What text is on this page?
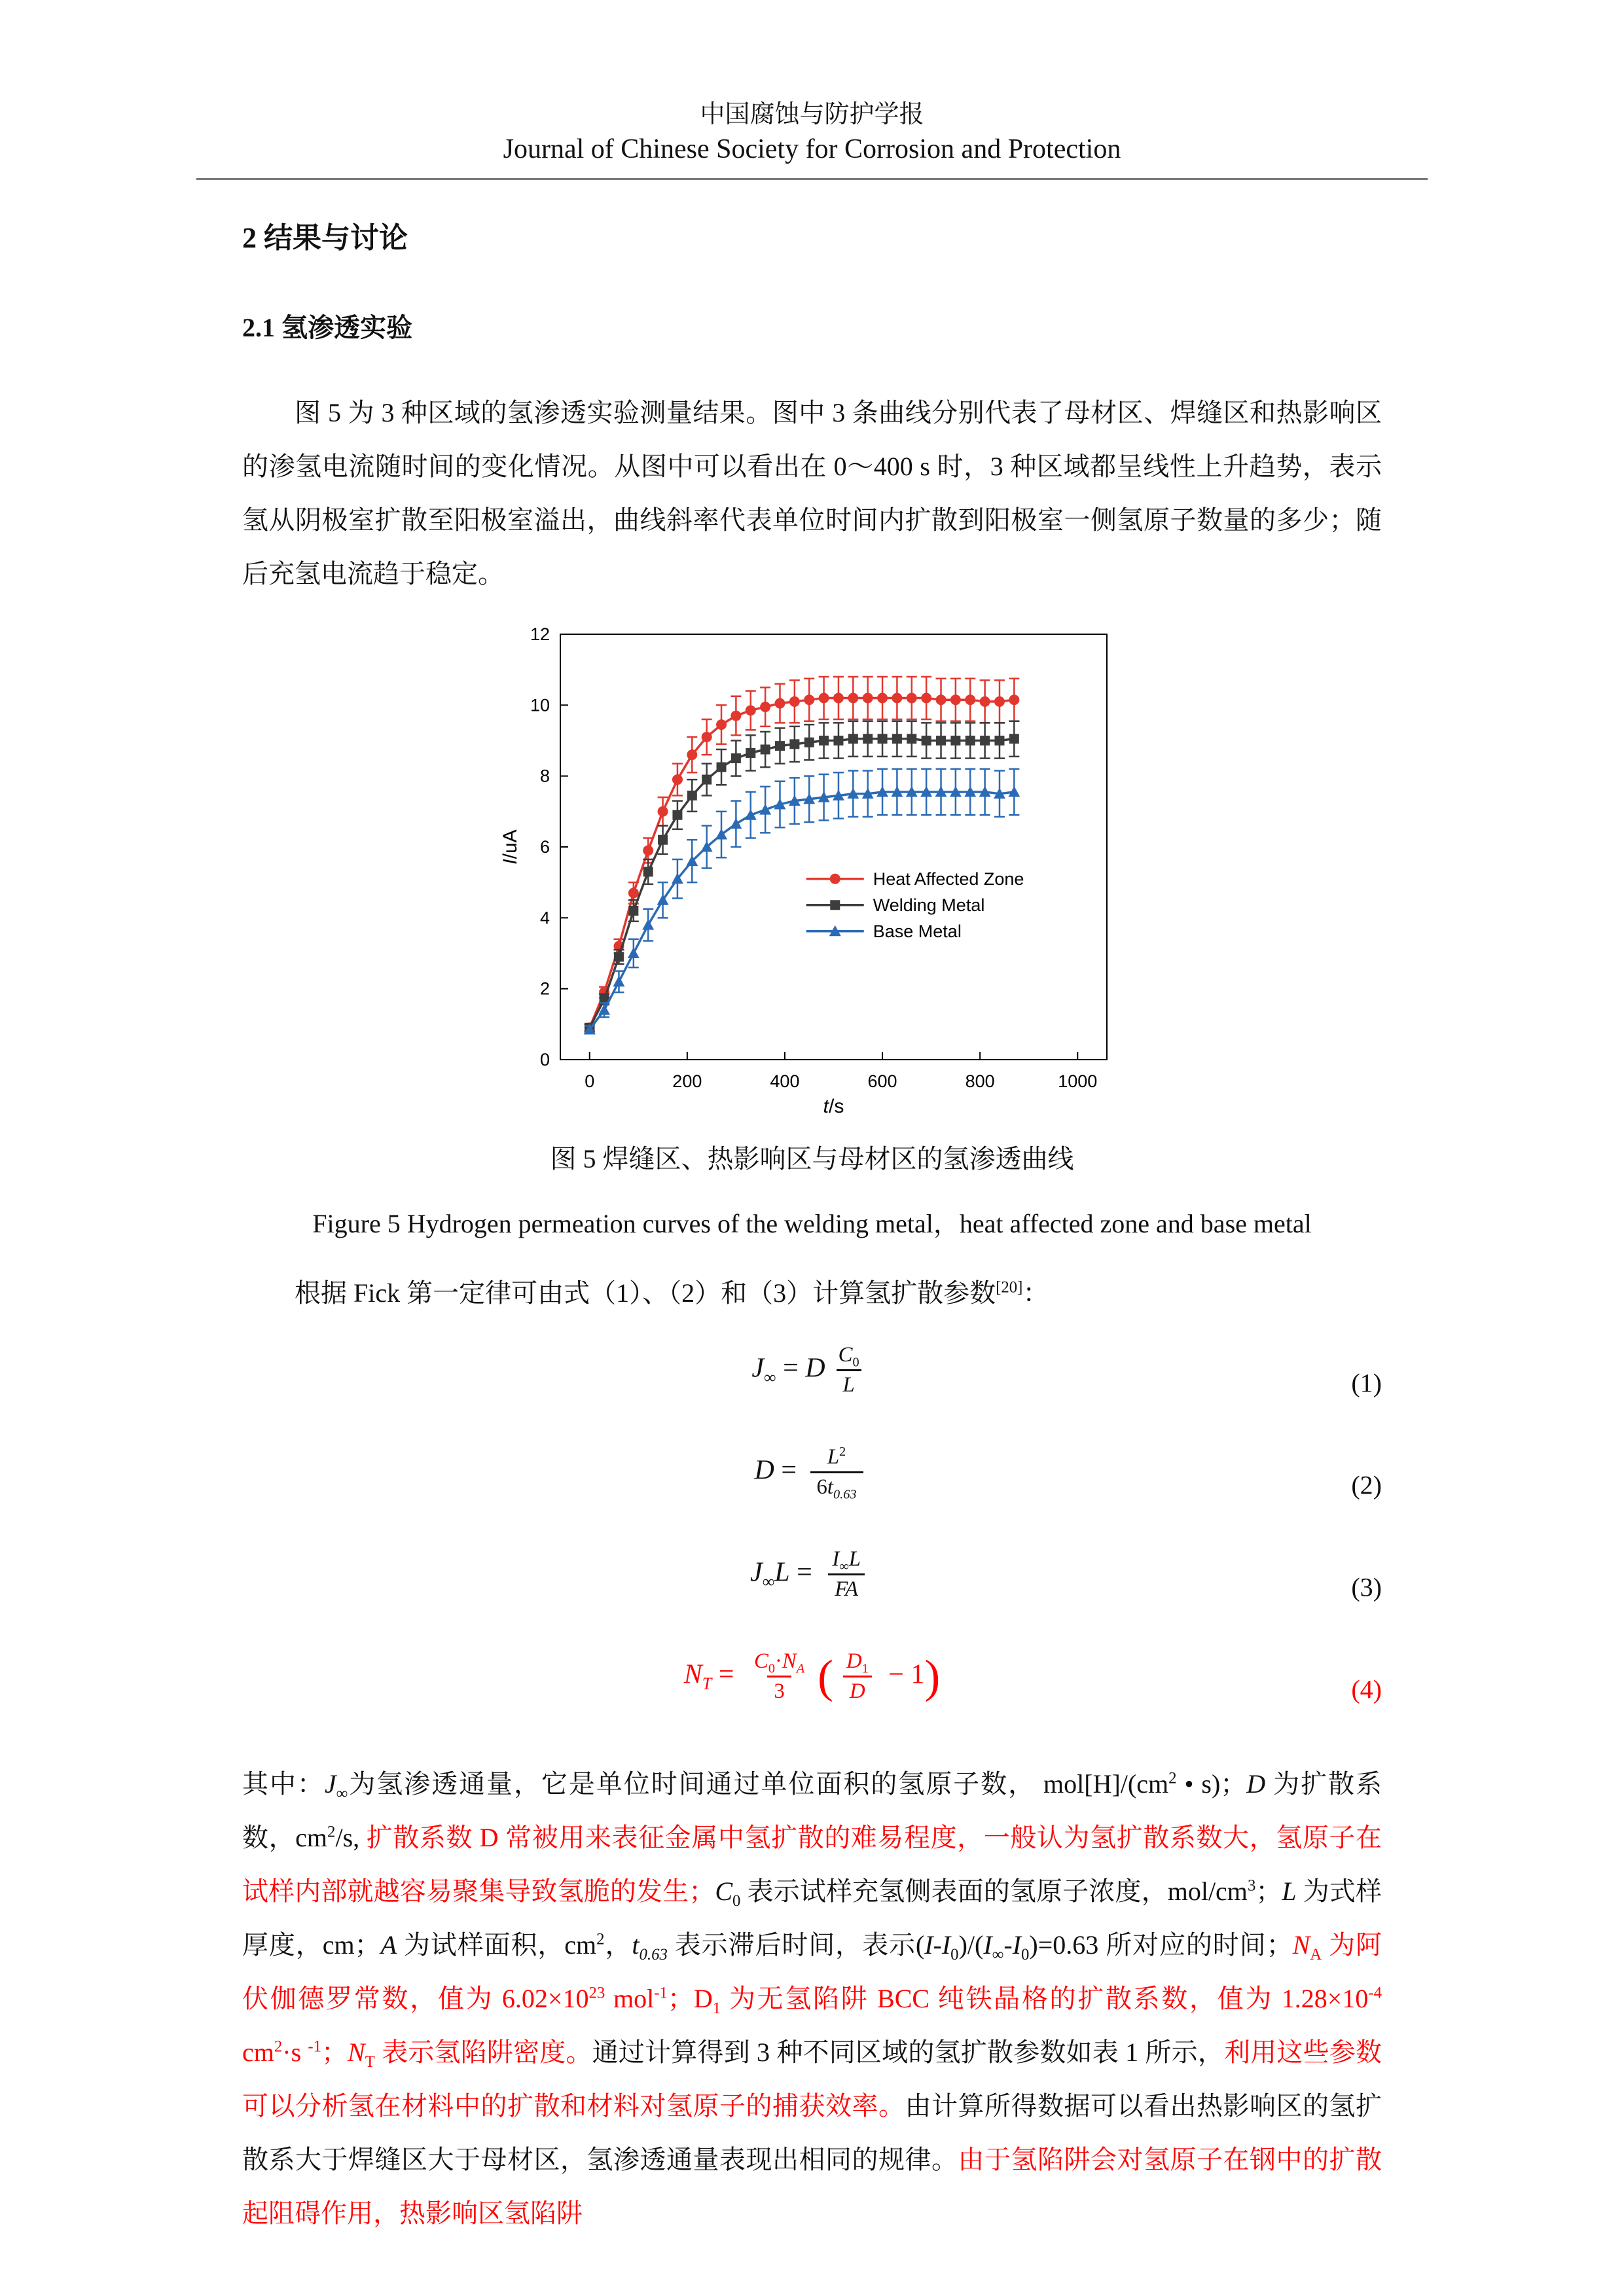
中国腐蚀与防护学报
Journal of Chinese Society for Corrosion and Protection
2 结果与讨论
2.1 氢渗透实验

图 5 为 3 种区域的氢渗透实验测量结果。图中 3 条曲线分别代表了母材区、焊缝区和热影响区的渗氢电流随时间的变化情况。从图中可以看出在 0～400 s 时，3 种区域都呈线性上升趋势，表示氢从阴极室扩散至阳极室溢出，曲线斜率代表单位时间内扩散到阳极室一侧氢原子数量的多少；随后充氢电流趋于稳定。

0
2
4
6
8
10
12
0	200	400	600	800	1000
t/s
I/uA
Heat Affected Zone
Welding Metal
Base Metal
图 5 焊缝区、热影响区与母材区的氢渗透曲线
Figure 5 Hydrogen permeation curves of the welding metal，heat affected zone and base metal

根据 Fick 第一定律可由式（1）、（2）和（3）计算氢扩散参数[20]：

$J_\infty = D \frac{C_0}{L}$	(1)
$D = \frac{L^2}{6t_{0.63}}$	(2)
$J_\infty L = \frac{I_\infty L}{FA}$	(3)
$N_T = \frac{C_0\cdot N_A}{3}$ ( $\frac{D_1}{D} - 1$)	(4)

其中：$J_\infty$为氢渗透通量，它是单位时间通过单位面积的氢原子数， $mol[H]/(cm^2$ • s)；D 为扩散系数，$cm^2/s$, 扩散系数 D 常被用来表征金属中氢扩散的难易程度，一般认为氢扩散系数大，氢原子在试样内部就越容易聚集导致氢脆的发生；$C_0$ 表示试样充氢侧表面的氢原子浓度，mol/$cm^3$；L 为式样厚度，cm；A 为试样面积，$cm^2$，$t_{0.63}$ 表示滞后时间，表示$(I-I_0)/(I_\infty-I_0)=0.63$ 所对应的时间；$N_A$ 为阿伏伽德罗常数，值为 $6.02\times 10^{23}$ mol$^{-1}$；$D_1$ 为无氢陷阱 BCC 纯铁晶格的扩散系数，值为 $1.28\times 10^{-4}$ $cm^2\cdot s$ $^{-1}$；$N_T$ 表示氢陷阱密度。通过计算得到 3 种不同区域的氢扩散参数如表 1 所示，利用这些参数可以分析氢在材料中的扩散和材料对氢原子的捕获效率。由计算所得数据可以看出热影响区的氢扩散系大于焊缝区大于母材区，氢渗透通量表现出相同的规律。由于氢陷阱会对氢原子在钢中的扩散起阻碍作用，热影响区氢陷阱
